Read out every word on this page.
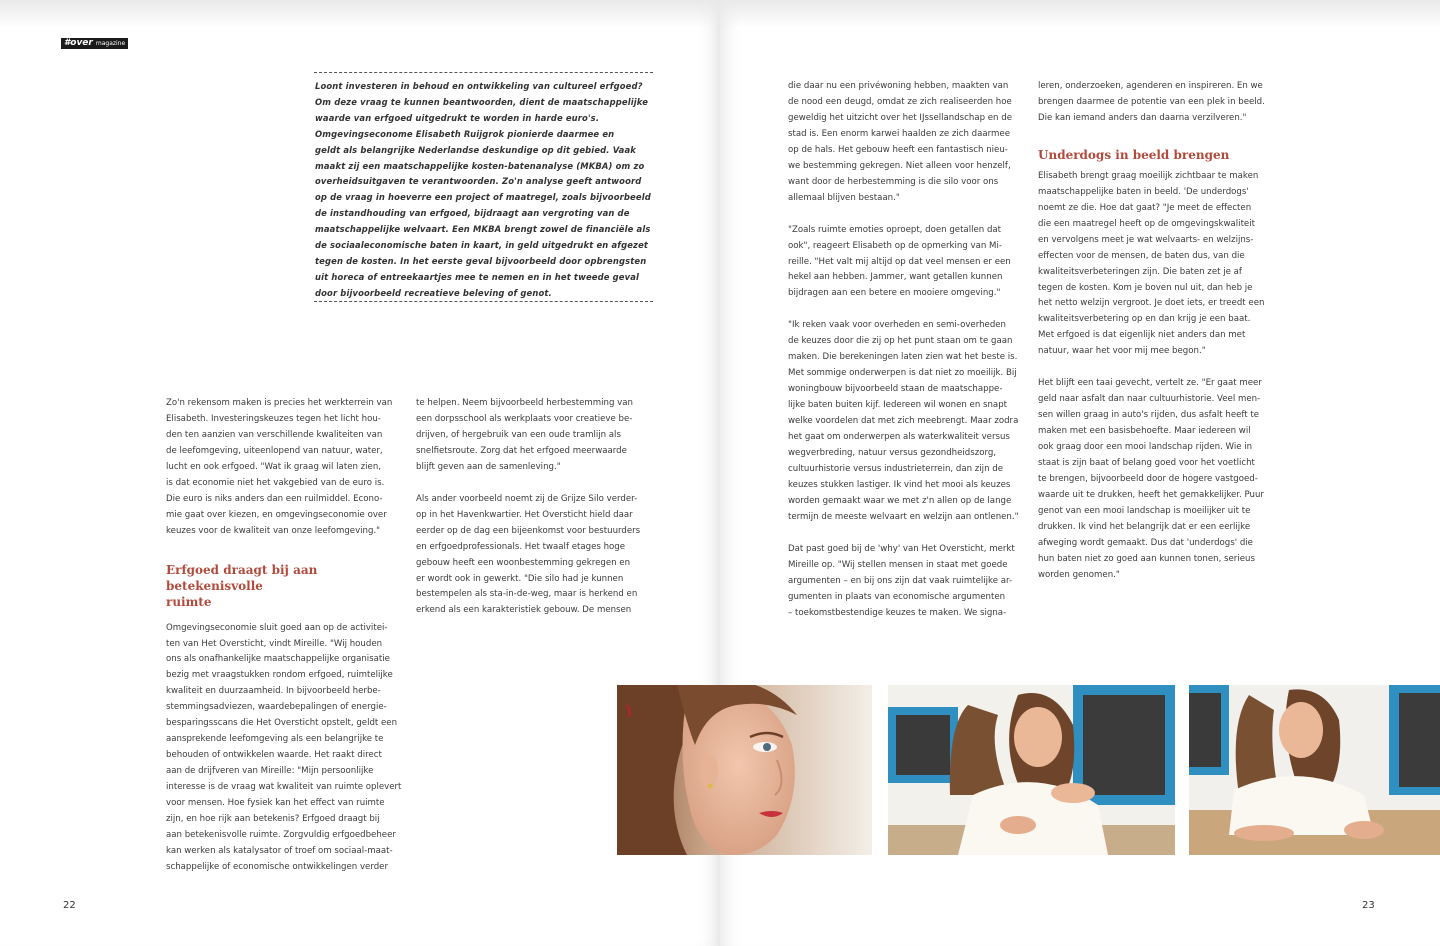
#over magazine

Loont investeren in behoud en ontwikkeling van cultureel erfgoed?
Om deze vraag te kunnen beantwoorden, dient de maatschappelijke
waarde van erfgoed uitgedrukt te worden in harde euro's.
Omgevingseconome Elisabeth Ruijgrok pionierde daarmee en
geldt als belangrijke Nederlandse deskundige op dit gebied. Vaak
maakt zij een maatschappelijke kosten-batenanalyse (MKBA) om zo
overheidsuitgaven te verantwoorden. Zo'n analyse geeft antwoord
op de vraag in hoeverre een project of maatregel, zoals bijvoorbeeld
de instandhouding van erfgoed, bijdraagt aan vergroting van de
maatschappelijke welvaart. Een MKBA brengt zowel de financiële als
de sociaaleconomische baten in kaart, in geld uitgedrukt en afgezet
tegen de kosten. In het eerste geval bijvoorbeeld door opbrengsten
uit horeca of entreekaartjes mee te nemen en in het tweede geval
door bijvoorbeeld recreatieve beleving of genot.

Zo'n rekensom maken is precies het werkterrein van
Elisabeth. Investeringskeuzes tegen het licht hou-
den ten aanzien van verschillende kwaliteiten van
de leefomgeving, uiteenlopend van natuur, water,
lucht en ook erfgoed. "Wat ik graag wil laten zien,
is dat economie niet het vakgebied van de euro is.
Die euro is niks anders dan een ruilmiddel. Econo-
mie gaat over kiezen, en omgevingseconomie over
keuzes voor de kwaliteit van onze leefomgeving."

Erfgoed draagt bij aan betekenisvolle
ruimte

Omgevingseconomie sluit goed aan op de activitei-
ten van Het Oversticht, vindt Mireille. "Wij houden
ons als onafhankelijke maatschappelijke organisatie
bezig met vraagstukken rondom erfgoed, ruimtelijke
kwaliteit en duurzaamheid. In bijvoorbeeld herbe-
stemmingsadviezen, waardebepalingen of energie-
besparingsscans die Het Oversticht opstelt, geldt een
aansprekende leefomgeving als een belangrijke te
behouden of ontwikkelen waarde. Het raakt direct
aan de drijfveren van Mireille: "Mijn persoonlijke
interesse is de vraag wat kwaliteit van ruimte oplevert
voor mensen. Hoe fysiek kan het effect van ruimte
zijn, en hoe rijk aan betekenis? Erfgoed draagt bij
aan betekenisvolle ruimte. Zorgvuldig erfgoedbeheer
kan werken als katalysator of troef om sociaal-maat-
schappelijke of economische ontwikkelingen verder

te helpen. Neem bijvoorbeeld herbestemming van
een dorpsschool als werkplaats voor creatieve be-
drijven, of hergebruik van een oude tramlijn als
snelfietsroute. Zorg dat het erfgoed meerwaarde
blijft geven aan de samenleving."

Als ander voorbeeld noemt zij de Grijze Silo verder-
op in het Havenkwartier. Het Oversticht hield daar
eerder op de dag een bijeenkomst voor bestuurders
en erfgoedprofessionals. Het twaalf etages hoge
gebouw heeft een woonbestemming gekregen en
er wordt ook in gewerkt. "Die silo had je kunnen
bestempelen als sta-in-de-weg, maar is herkend en
erkend als een karakteristiek gebouw. De mensen

die daar nu een privéwoning hebben, maakten van
de nood een deugd, omdat ze zich realiseerden hoe
geweldig het uitzicht over het IJssellandschap en de
stad is. Een enorm karwei haalden ze zich daarmee
op de hals. Het gebouw heeft een fantastisch nieu-
we bestemming gekregen. Niet alleen voor henzelf,
want door de herbestemming is die silo voor ons
allemaal blijven bestaan."

"Zoals ruimte emoties oproept, doen getallen dat
ook", reageert Elisabeth op de opmerking van Mi-
reille. "Het valt mij altijd op dat veel mensen er een
hekel aan hebben. Jammer, want getallen kunnen
bijdragen aan een betere en mooiere omgeving."

"Ik reken vaak voor overheden en semi-overheden
de keuzes door die zij op het punt staan om te gaan
maken. Die berekeningen laten zien wat het beste is.
Met sommige onderwerpen is dat niet zo moeilijk. Bij
woningbouw bijvoorbeeld staan de maatschappe-
lijke baten buiten kijf. Iedereen wil wonen en snapt
welke voordelen dat met zich meebrengt. Maar zodra
het gaat om onderwerpen als waterkwaliteit versus
wegverbreding, natuur versus gezondheidszorg,
cultuurhistorie versus industrieterrein, dan zijn de
keuzes stukken lastiger. Ik vind het mooi als keuzes
worden gemaakt waar we met z'n allen op de lange
termijn de meeste welvaart en welzijn aan ontlenen."

Dat past goed bij de 'why' van Het Oversticht, merkt
Mireille op. "Wij stellen mensen in staat met goede
argumenten – en bij ons zijn dat vaak ruimtelijke ar-
gumenten in plaats van economische argumenten
– toekomstbestendige keuzes te maken. We signa-

leren, onderzoeken, agenderen en inspireren. En we
brengen daarmee de potentie van een plek in beeld.
Die kan iemand anders dan daarna verzilveren."

Underdogs in beeld brengen

Elisabeth brengt graag moeilijk zichtbaar te maken
maatschappelijke baten in beeld. 'De underdogs'
noemt ze die. Hoe dat gaat? "Je meet de effecten
die een maatregel heeft op de omgevingskwaliteit
en vervolgens meet je wat welvaarts- en welzijns-
effecten voor de mensen, de baten dus, van die
kwaliteitsverbeteringen zijn. Die baten zet je af
tegen de kosten. Kom je boven nul uit, dan heb je
het netto welzijn vergroot. Je doet iets, er treedt een
kwaliteitsverbetering op en dan krijg je een baat.
Met erfgoed is dat eigenlijk niet anders dan met
natuur, waar het voor mij mee begon."

Het blijft een taai gevecht, vertelt ze. "Er gaat meer
geld naar asfalt dan naar cultuurhistorie. Veel men-
sen willen graag in auto's rijden, dus asfalt heeft te
maken met een basisbehoefte. Maar iedereen wil
ook graag door een mooi landschap rijden. Wie in
staat is zijn baat of belang goed voor het voetlicht
te brengen, bijvoorbeeld door de hogere vastgoed-
waarde uit te drukken, heeft het gemakkelijker. Puur
genot van een mooi landschap is moeilijker uit te
drukken. Ik vind het belangrijk dat er een eerlijke
afweging wordt gemaakt. Dus dat 'underdogs' die
hun baten niet zo goed aan kunnen tonen, serieus
worden genomen."

22	23
